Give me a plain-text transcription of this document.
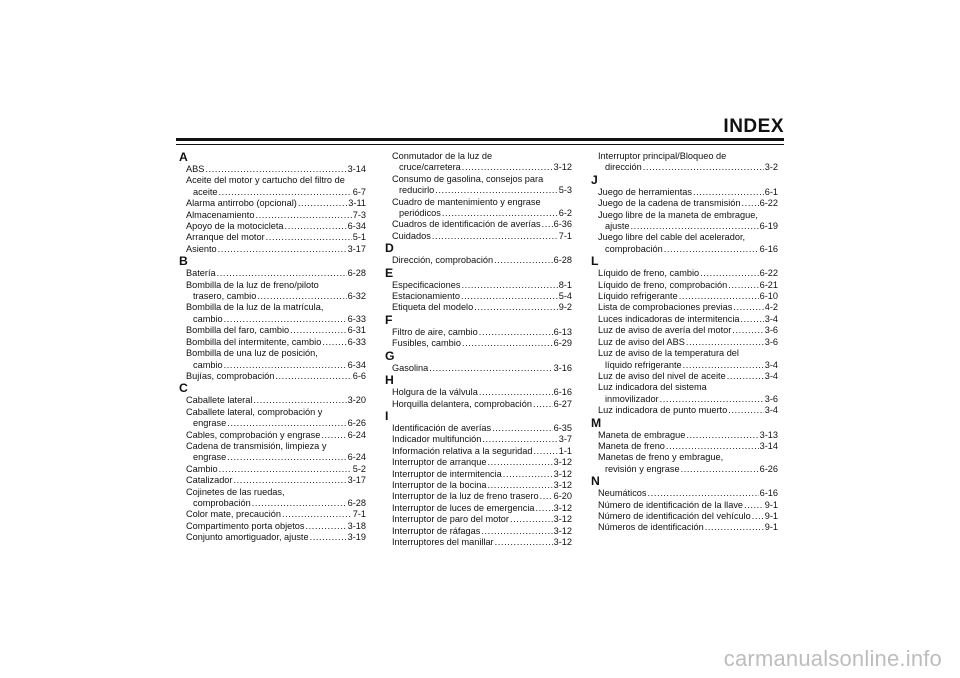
INDEX
A
ABS .....	3-14
Aceite del motor y cartucho del filtro de
aceite .....	6-7
Alarma antirrobo (opcional) .....	3-11
Almacenamiento .....	7-3
Apoyo de la motocicleta .....	6-34
Arranque del motor .....	5-1
Asiento .....	3-17
B
Batería .....	6-28
Bombilla de la luz de freno/piloto
trasero, cambio .....	6-32
Bombilla de la luz de la matrícula,
cambio .....	6-33
Bombilla del faro, cambio .....	6-31
Bombilla del intermitente, cambio .....	6-33
Bombilla de una luz de posición,
cambio .....	6-34
Bujías, comprobación .....	6-6
C
Caballete lateral .....	3-20
Caballete lateral, comprobación y
engrase .....	6-26
Cables, comprobación y engrase .....	6-24
Cadena de transmisión, limpieza y
engrase .....	6-24
Cambio .....	5-2
Catalizador .....	3-17
Cojinetes de las ruedas,
comprobación .....	6-28
Color mate, precaución .....	7-1
Compartimento porta objetos .....	3-18
Conjunto amortiguador, ajuste .....	3-19
Conmutador de la luz de
cruce/carretera .....	3-12
Consumo de gasolina, consejos para
reducirlo .....	5-3
Cuadro de mantenimiento y engrase
periódicos .....	6-2
Cuadros de identificación de averías ..... 6-36
Cuidados .....	7-1
D
Dirección, comprobación .....	6-28
E
Especificaciones .....	8-1
Estacionamiento .....	5-4
Etiqueta del modelo .....	9-2
F
Filtro de aire, cambio .....	6-13
Fusibles, cambio .....	6-29
G
Gasolina .....	3-16
H
Holgura de la válvula .....	6-16
Horquilla delantera, comprobación ..... 6-27
I
Identificación de averías .....	6-35
Indicador multifunción .....	3-7
Información relativa a la seguridad .....	1-1
Interruptor de arranque .....	3-12
Interruptor de intermitencia .....	3-12
Interruptor de la bocina .....	3-12
Interruptor de la luz de freno trasero ..... 6-20
Interruptor de luces de emergencia ..... 3-12
Interruptor de paro del motor .....	3-12
Interruptor de ráfagas .....	3-12
Interruptores del manillar .....	3-12
Interruptor principal/Bloqueo de
dirección .....	3-2
J
Juego de herramientas .....	6-1
Juego de la cadena de transmisión ..... 6-22
Juego libre de la maneta de embrague,
ajuste .....	6-19
Juego libre del cable del acelerador,
comprobación .....	6-16
L
Líquido de freno, cambio .....	6-22
Líquido de freno, comprobación .....	6-21
Líquido refrigerante .....	6-10
Lista de comprobaciones previas .....	4-2
Luces indicadoras de intermitencia .....	3-4
Luz de aviso de avería del motor .....	3-6
Luz de aviso del ABS .....	3-6
Luz de aviso de la temperatura del
líquido refrigerante .....	3-4
Luz de aviso del nivel de aceite .....	3-4
Luz indicadora del sistema
inmovilizador .....	3-6
Luz indicadora de punto muerto .....	3-4
M
Maneta de embrague .....	3-13
Maneta de freno .....	3-14
Manetas de freno y embrague,
revisión y engrase .....	6-26
N
Neumáticos .....	6-16
Número de identificación de la llave ..... 9-1
Número de identificación del vehículo ..... 9-1
Números de identificación .....	9-1
carmanualsonline.info
